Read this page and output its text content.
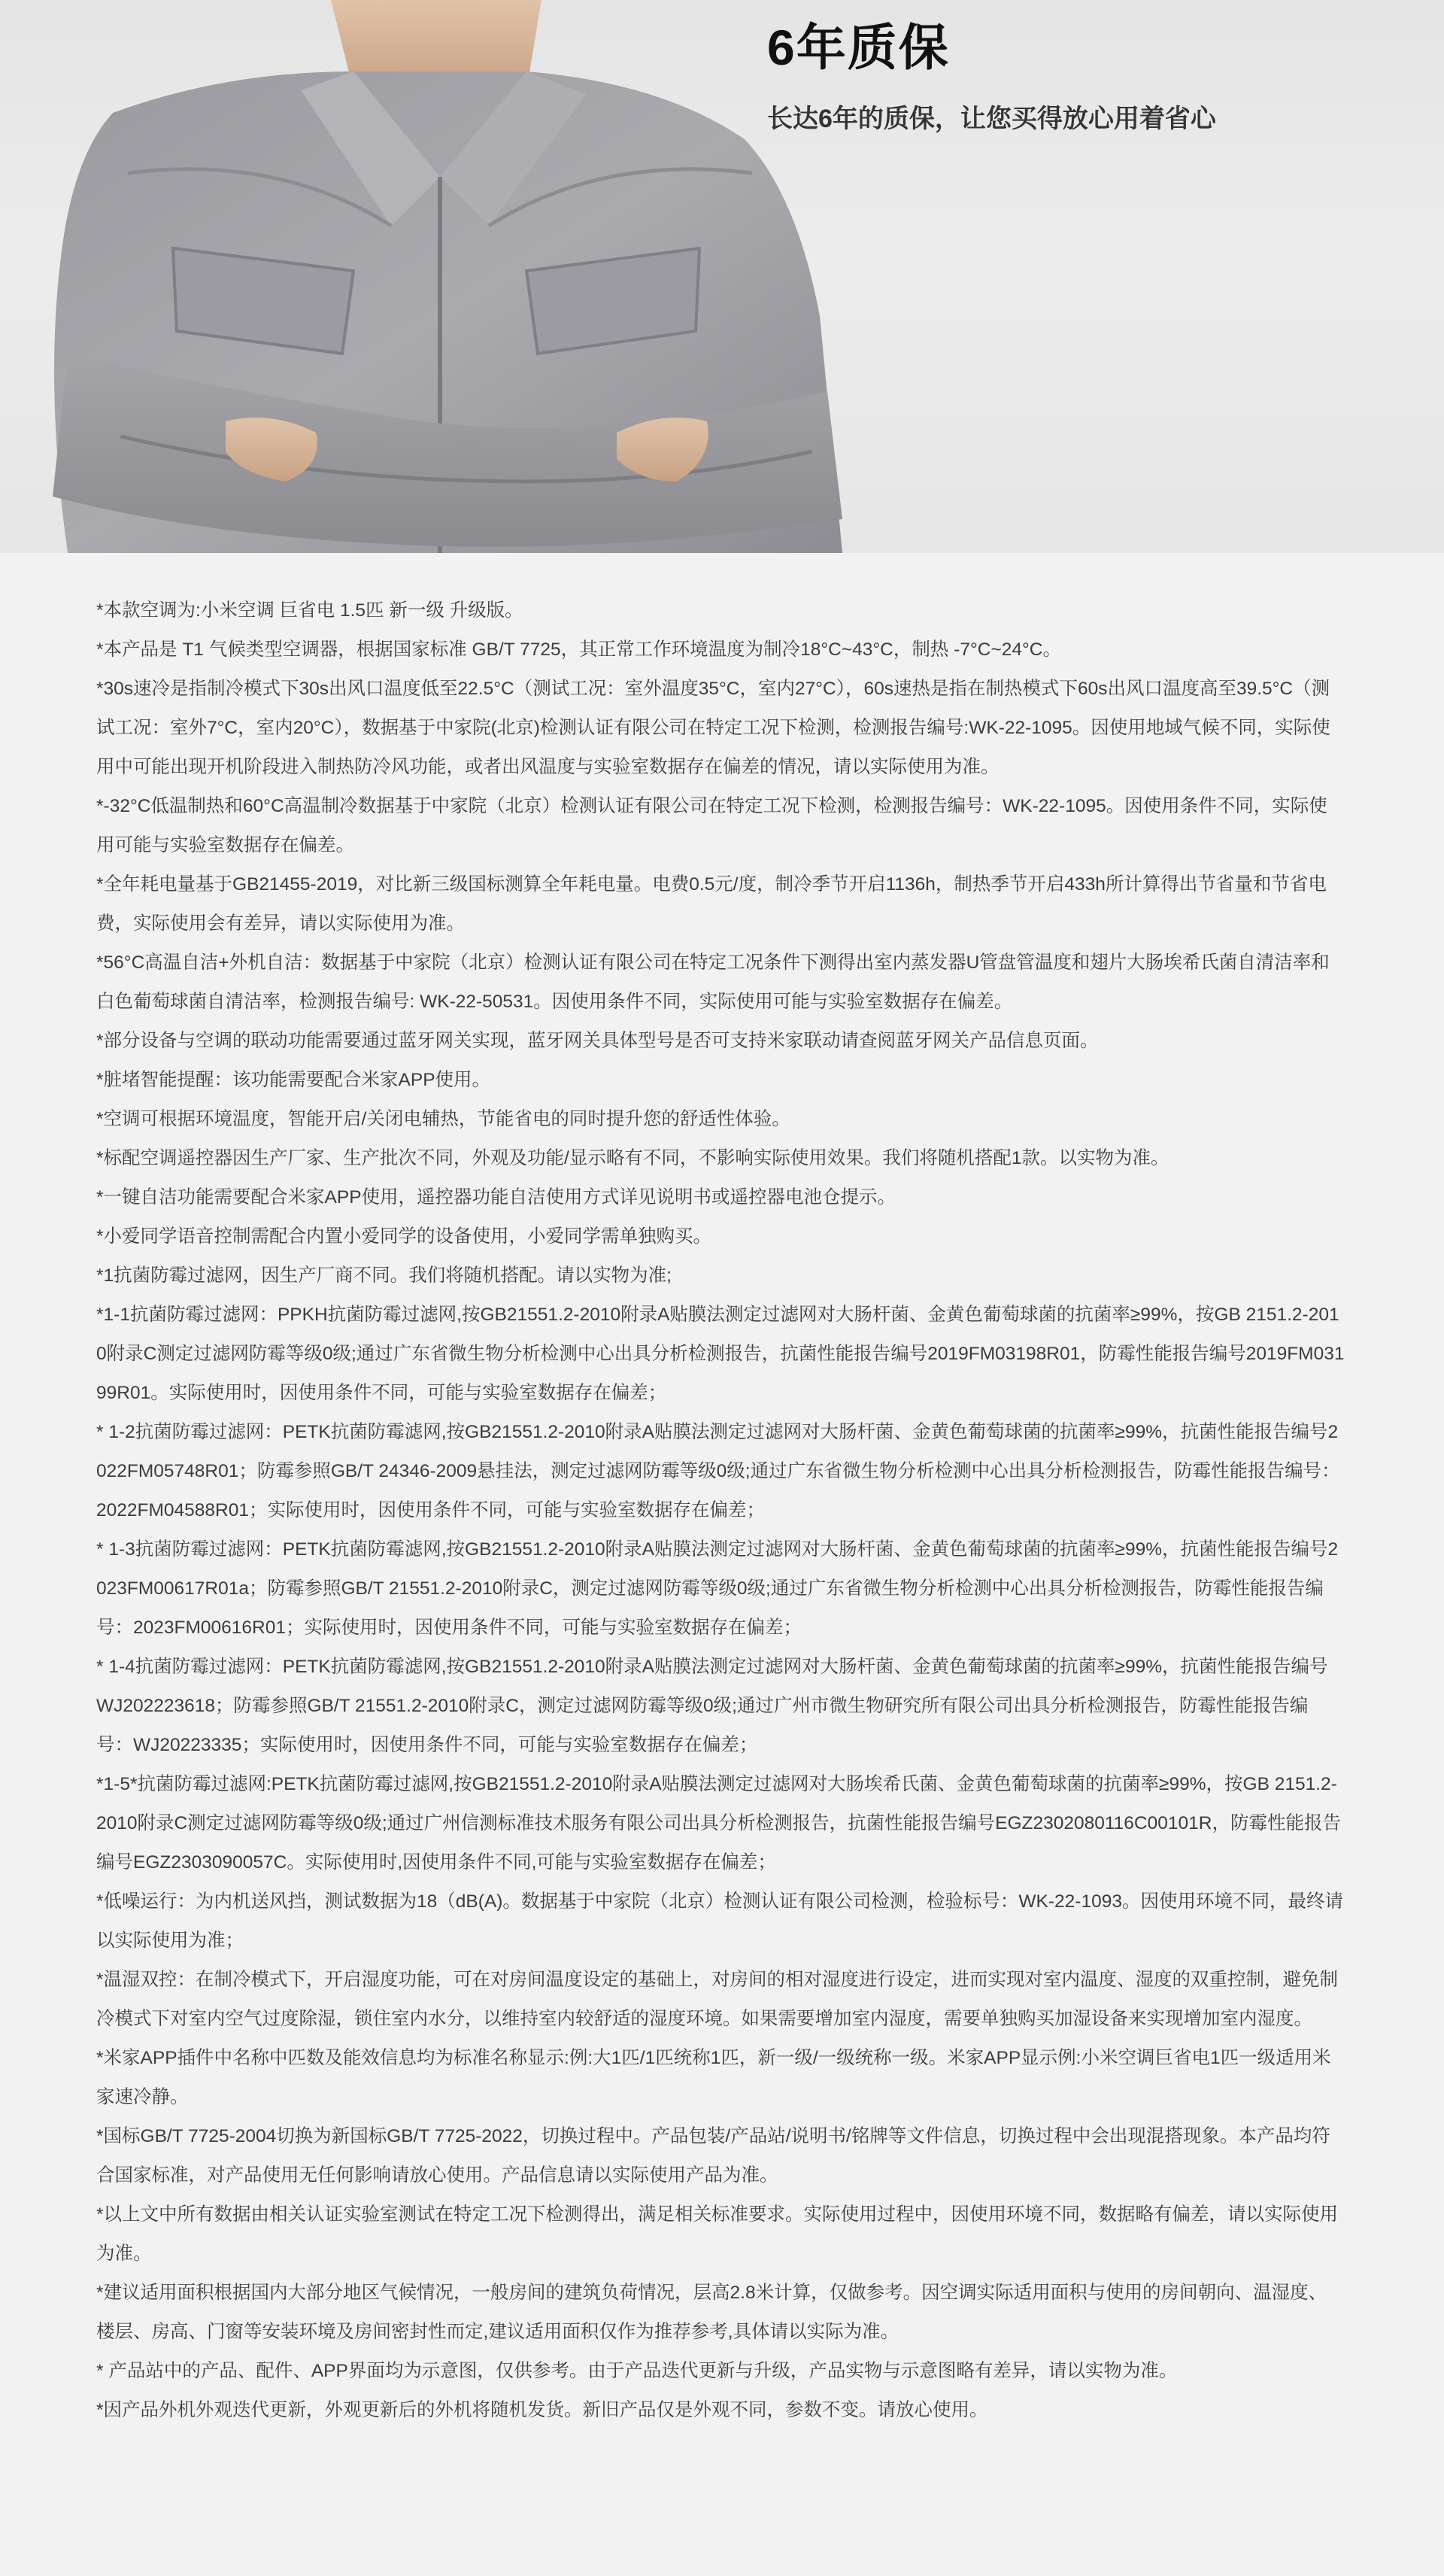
6年质保
长达6年的质保，让您买得放心用着省心

*本款空调为:小米空调 巨省电 1.5匹 新一级 升级版。

*本产品是 T1 气候类型空调器，根据国家标准 GB/T 7725，其正常工作环境温度为制冷18°C~43°C，制热 -7°C~24°C。

*30s速冷是指制冷模式下30s出风口温度低至22.5°C（测试工况：室外温度35°C，室内27°C），60s速热是指在制热模式下60s出风口温度高至39.5°C（测试工况：室外7°C，室内20°C），数据基于中家院(北京)检测认证有限公司在特定工况下检测，检测报告编号:WK-22-1095。因使用地域气候不同，实际使用中可能出现开机阶段进入制热防冷风功能，或者出风温度与实验室数据存在偏差的情况，请以实际使用为准。

*-32°C低温制热和60°C高温制冷数据基于中家院（北京）检测认证有限公司在特定工况下检测，检测报告编号：WK-22-1095。因使用条件不同，实际使用可能与实验室数据存在偏差。

*全年耗电量基于GB21455-2019，对比新三级国标测算全年耗电量。电费0.5元/度，制冷季节开启1136h，制热季节开启433h所计算得出节省量和节省电费，实际使用会有差异，请以实际使用为准。

*56°C高温自洁+外机自洁：数据基于中家院（北京）检测认证有限公司在特定工况条件下测得出室内蒸发器U管盘管温度和翅片大肠埃希氏菌自清洁率和白色葡萄球菌自清洁率，检测报告编号: WK-22-50531。因使用条件不同，实际使用可能与实验室数据存在偏差。

*部分设备与空调的联动功能需要通过蓝牙网关实现，蓝牙网关具体型号是否可支持米家联动请查阅蓝牙网关产品信息页面。

*脏堵智能提醒：该功能需要配合米家APP使用。

*空调可根据环境温度，智能开启/关闭电辅热，节能省电的同时提升您的舒适性体验。

*标配空调遥控器因生产厂家、生产批次不同，外观及功能/显示略有不同，不影响实际使用效果。我们将随机搭配1款。以实物为准。

*一键自洁功能需要配合米家APP使用，遥控器功能自洁使用方式详见说明书或遥控器电池仓提示。

*小爱同学语音控制需配合内置小爱同学的设备使用，小爱同学需单独购买。

*1抗菌防霉过滤网，因生产厂商不同。我们将随机搭配。请以实物为准;

*1-1抗菌防霉过滤网：PPKH抗菌防霉过滤网,按GB21551.2-2010附录A贴膜法测定过滤网对大肠杆菌、金黄色葡萄球菌的抗菌率≥99%，按GB 2151.2-2010附录C测定过滤网防霉等级0级;通过广东省微生物分析检测中心出具分析检测报告，抗菌性能报告编号2019FM03198R01，防霉性能报告编号2019FM03199R01。实际使用时，因使用条件不同，可能与实验室数据存在偏差；

* 1-2抗菌防霉过滤网：PETK抗菌防霉滤网,按GB21551.2-2010附录A贴膜法测定过滤网对大肠杆菌、金黄色葡萄球菌的抗菌率≥99%，抗菌性能报告编号2022FM05748R01；防霉参照GB/T 24346-2009悬挂法，测定过滤网防霉等级0级;通过广东省微生物分析检测中心出具分析检测报告，防霉性能报告编号：2022FM04588R01；实际使用时，因使用条件不同，可能与实验室数据存在偏差；

* 1-3抗菌防霉过滤网：PETK抗菌防霉滤网,按GB21551.2-2010附录A贴膜法测定过滤网对大肠杆菌、金黄色葡萄球菌的抗菌率≥99%，抗菌性能报告编号2023FM00617R01a；防霉参照GB/T 21551.2-2010附录C，测定过滤网防霉等级0级;通过广东省微生物分析检测中心出具分析检测报告，防霉性能报告编号：2023FM00616R01；实际使用时，因使用条件不同，可能与实验室数据存在偏差；

* 1-4抗菌防霉过滤网：PETK抗菌防霉滤网,按GB21551.2-2010附录A贴膜法测定过滤网对大肠杆菌、金黄色葡萄球菌的抗菌率≥99%，抗菌性能报告编号WJ202223618；防霉参照GB/T 21551.2-2010附录C，测定过滤网防霉等级0级;通过广州市微生物研究所有限公司出具分析检测报告，防霉性能报告编号：WJ20223335；实际使用时，因使用条件不同，可能与实验室数据存在偏差；

*1-5*抗菌防霉过滤网:PETK抗菌防霉过滤网,按GB21551.2-2010附录A贴膜法测定过滤网对大肠埃希氏菌、金黄色葡萄球菌的抗菌率≥99%，按GB 2151.2-2010附录C测定过滤网防霉等级0级;通过广州信测标准技术服务有限公司出具分析检测报告，抗菌性能报告编号EGZ2302080116C00101R，防霉性能报告编号EGZ2303090057C。实际使用时,因使用条件不同,可能与实验室数据存在偏差；

*低噪运行：为内机送风挡，测试数据为18（dB(A)。数据基于中家院（北京）检测认证有限公司检测，检验标号：WK-22-1093。因使用环境不同，最终请以实际使用为准；

*温湿双控：在制冷模式下，开启湿度功能，可在对房间温度设定的基础上，对房间的相对湿度进行设定，进而实现对室内温度、湿度的双重控制，避免制冷模式下对室内空气过度除湿，锁住室内水分，以维持室内较舒适的湿度环境。如果需要增加室内湿度，需要单独购买加湿设备来实现增加室内湿度。

*米家APP插件中名称中匹数及能效信息均为标准名称显示:例:大1匹/1匹统称1匹，新一级/一级统称一级。米家APP显示例:小米空调巨省电1匹一级适用米家速冷静。

*国标GB/T 7725-2004切换为新国标GB/T 7725-2022，切换过程中。产品包装/产品站/说明书/铭牌等文件信息，切换过程中会出现混搭现象。本产品均符合国家标准，对产品使用无任何影响请放心使用。产品信息请以实际使用产品为准。

*以上文中所有数据由相关认证实验室测试在特定工况下检测得出，满足相关标准要求。实际使用过程中，因使用环境不同，数据略有偏差，请以实际使用为准。

*建议适用面积根据国内大部分地区气候情况，一般房间的建筑负荷情况，层高2.8米计算，仅做参考。因空调实际适用面积与使用的房间朝向、温湿度、楼层、房高、门窗等安装环境及房间密封性而定,建议适用面积仅作为推荐参考,具体请以实际为准。

* 产品站中的产品、配件、APP界面均为示意图，仅供参考。由于产品迭代更新与升级，产品实物与示意图略有差异，请以实物为准。

*因产品外机外观迭代更新，外观更新后的外机将随机发货。新旧产品仅是外观不同，参数不变。请放心使用。
